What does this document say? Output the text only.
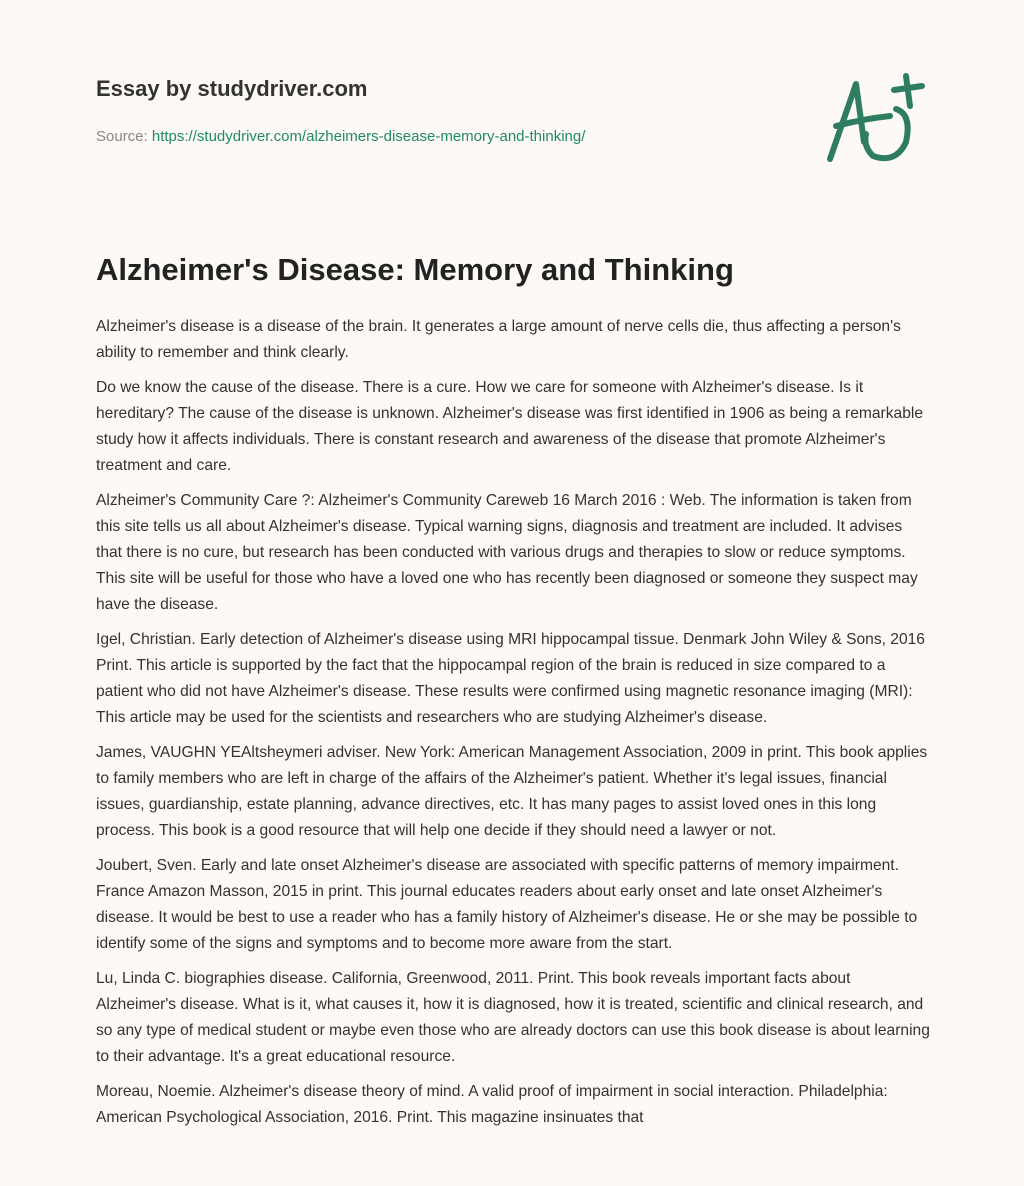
Essay by studydriver.com

Source: https://studydriver.com/alzheimers-disease-memory-and-thinking/
Alzheimer's Disease: Memory and Thinking

Alzheimer's disease is a disease of the brain. It generates a large amount of nerve cells die, thus affecting a person's ability to remember and think clearly.

Do we know the cause of the disease. There is a cure. How we care for someone with Alzheimer's disease. Is it hereditary? The cause of the disease is unknown. Alzheimer's disease was first identified in 1906 as being a remarkable study how it affects individuals. There is constant research and awareness of the disease that promote Alzheimer's treatment and care.

Alzheimer's Community Care ?: Alzheimer's Community Careweb 16 March 2016 : Web. The information is taken from this site tells us all about Alzheimer's disease. Typical warning signs, diagnosis and treatment are included. It advises that there is no cure, but research has been conducted with various drugs and therapies to slow or reduce symptoms. This site will be useful for those who have a loved one who has recently been diagnosed or someone they suspect may have the disease.

Igel, Christian. Early detection of Alzheimer's disease using MRI hippocampal tissue. Denmark John Wiley & Sons, 2016 Print. This article is supported by the fact that the hippocampal region of the brain is reduced in size compared to a patient who did not have Alzheimer's disease. These results were confirmed using magnetic resonance imaging (MRI): This article may be used for the scientists and researchers who are studying Alzheimer's disease.

James, VAUGHN YEAltsheymeri adviser. New York: American Management Association, 2009 in print. This book applies to family members who are left in charge of the affairs of the Alzheimer's patient. Whether it's legal issues, financial issues, guardianship, estate planning, advance directives, etc. It has many pages to assist loved ones in this long process. This book is a good resource that will help one decide if they should need a lawyer or not.

Joubert, Sven. Early and late onset Alzheimer's disease are associated with specific patterns of memory impairment. France Amazon Masson, 2015 in print. This journal educates readers about early onset and late onset Alzheimer's disease. It would be best to use a reader who has a family history of Alzheimer's disease. He or she may be possible to identify some of the signs and symptoms and to become more aware from the start.

Lu, Linda C. biographies disease. California, Greenwood, 2011. Print. This book reveals important facts about Alzheimer's disease. What is it, what causes it, how it is diagnosed, how it is treated, scientific and clinical research, and so any type of medical student or maybe even those who are already doctors can use this book disease is about learning to their advantage. It's a great educational resource.

Moreau, Noemie. Alzheimer's disease theory of mind. A valid proof of impairment in social interaction. Philadelphia: American Psychological Association, 2016. Print. This magazine insinuates that
